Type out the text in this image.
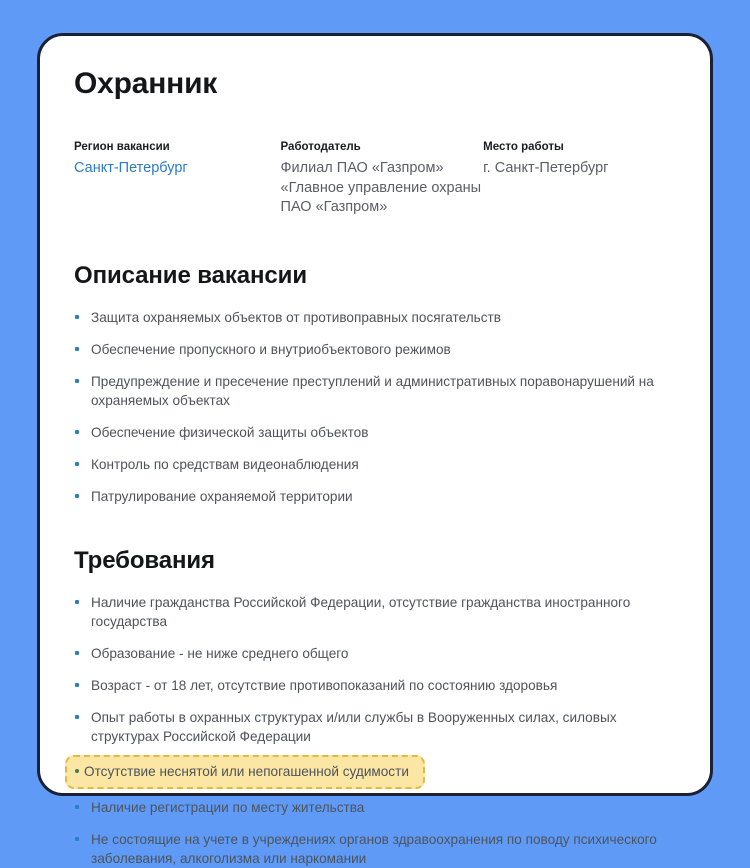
Охранник
Регион вакансии
Санкт-Петербург
Работодатель
Филиал ПАО «Газпром» «Главное управление охраны ПАО «Газпром»
Место работы
г. Санкт-Петербург
Описание вакансии
Защита охраняемых объектов от противоправных посягательств
Обеспечение пропускного и внутриобъектового режимов
Предупреждение и пресечение преступлений и административных поравонарушений на охраняемых объектах
Обеспечение физической защиты объектов
Контроль по средствам видеонаблюдения
Патрулирование охраняемой территории
Требования
Наличие гражданства Российской Федерации, отсутствие гражданства иностранного государства
Образование - не ниже среднего общего
Возраст - от 18 лет, отсутствие противопоказаний по состоянию здоровья
Опыт работы в охранных структурах и/или службы в Вооруженных силах, силовых структурах Российской Федерации
Отсутствие неснятой или непогашенной судимости
Наличие регистрации по месту жительства
Не состоящие на учете в учреждениях органов здравоохранения по поводу психического заболевания, алкоголизма или наркомании
